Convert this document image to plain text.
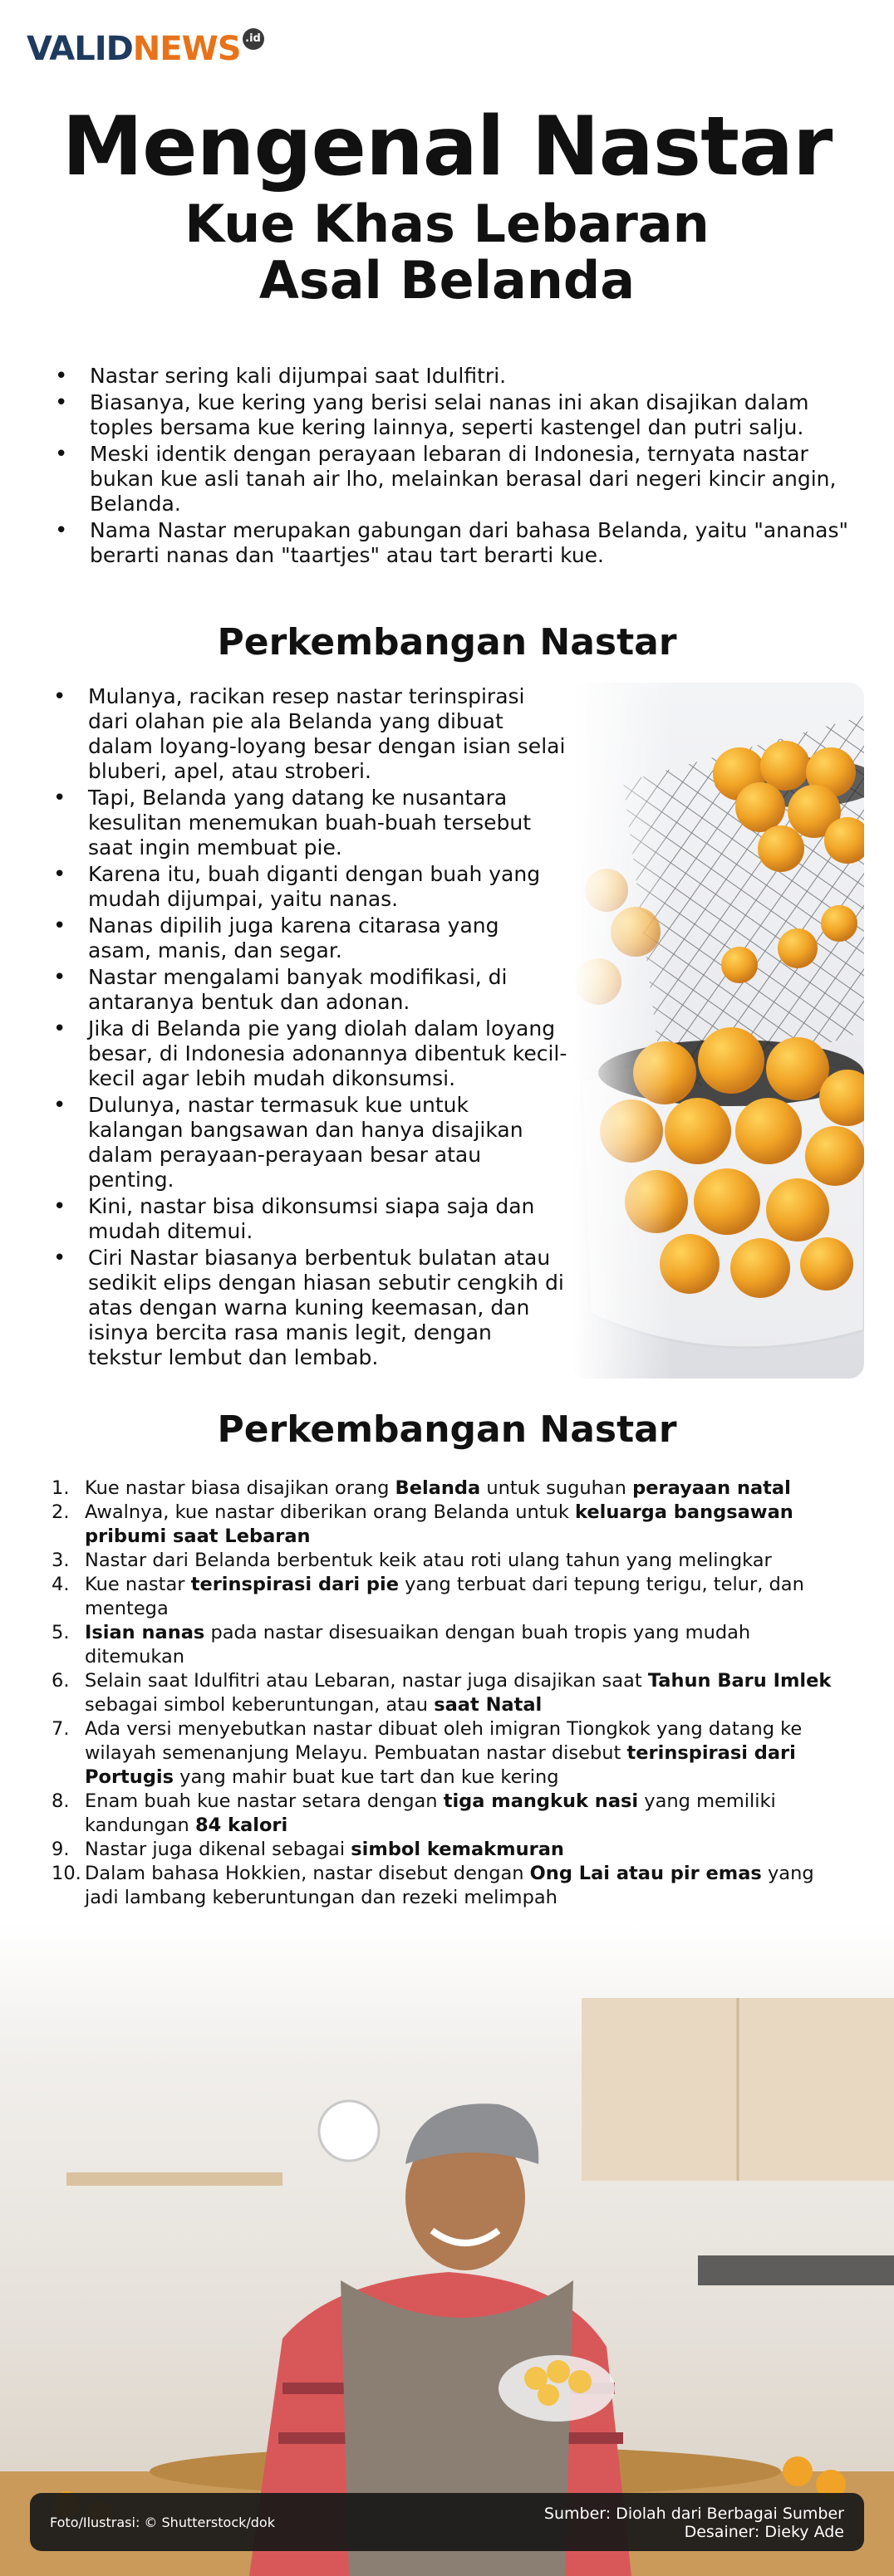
VALID NEWS .id
Mengenal Nastar
Kue Khas Lebaran
Asal Belanda
• Nastar sering kali dijumpai saat Idulfitri.
• Biasanya, kue kering yang berisi selai nanas ini akan disajikan dalam toples bersama kue kering lainnya, seperti kastengel dan putri salju.
• Meski identik dengan perayaan lebaran di Indonesia, ternyata nastar bukan kue asli tanah air lho, melainkan berasal dari negeri kincir angin, Belanda.
• Nama Nastar merupakan gabungan dari bahasa Belanda, yaitu "ananas" berarti nanas dan "taartjes" atau tart berarti kue.
Perkembangan Nastar
• Mulanya, racikan resep nastar terinspirasi dari olahan pie ala Belanda yang dibuat dalam loyang-loyang besar dengan isian selai bluberi, apel, atau stroberi.
• Tapi, Belanda yang datang ke nusantara kesulitan menemukan buah-buah tersebut saat ingin membuat pie.
• Karena itu, buah diganti dengan buah yang mudah dijumpai, yaitu nanas.
• Nanas dipilih juga karena citarasa yang asam, manis, dan segar.
• Nastar mengalami banyak modifikasi, di antaranya bentuk dan adonan.
• Jika di Belanda pie yang diolah dalam loyang besar, di Indonesia adonannya dibentuk kecil-kecil agar lebih mudah dikonsumsi.
• Dulunya, nastar termasuk kue untuk kalangan bangsawan dan hanya disajikan dalam perayaan-perayaan besar atau penting.
• Kini, nastar bisa dikonsumsi siapa saja dan mudah ditemui.
• Ciri Nastar biasanya berbentuk bulatan atau sedikit elips dengan hiasan sebutir cengkih di atas dengan warna kuning keemasan, dan isinya bercita rasa manis legit, dengan tekstur lembut dan lembab.
Perkembangan Nastar
Kue nastar biasa disajikan orang Belanda untuk suguhan perayaan natal
Awalnya, kue nastar diberikan orang Belanda untuk keluarga bangsawan pribumi saat Lebaran
Nastar dari Belanda berbentuk keik atau roti ulang tahun yang melingkar
Kue nastar terinspirasi dari pie yang terbuat dari tepung terigu, telur, dan mentega
Isian nanas pada nastar disesuaikan dengan buah tropis yang mudah ditemukan
Selain saat Idulfitri atau Lebaran, nastar juga disajikan saat Tahun Baru Imlek sebagai simbol keberuntungan, atau saat Natal
Ada versi menyebutkan nastar dibuat oleh imigran Tiongkok yang datang ke wilayah semenanjung Melayu. Pembuatan nastar disebut terinspirasi dari Portugis yang mahir buat kue tart dan kue kering
Enam buah kue nastar setara dengan tiga mangkuk nasi yang memiliki kandungan 84 kalori
Nastar juga dikenal sebagai simbol kemakmuran
Dalam bahasa Hokkien, nastar disebut dengan Ong Lai atau pir emas yang jadi lambang keberuntungan dan rezeki melimpah
Foto/Ilustrasi: © Shutterstock/dok	Sumber: Diolah dari Berbagai Sumber
Desainer: Dieky Ade
